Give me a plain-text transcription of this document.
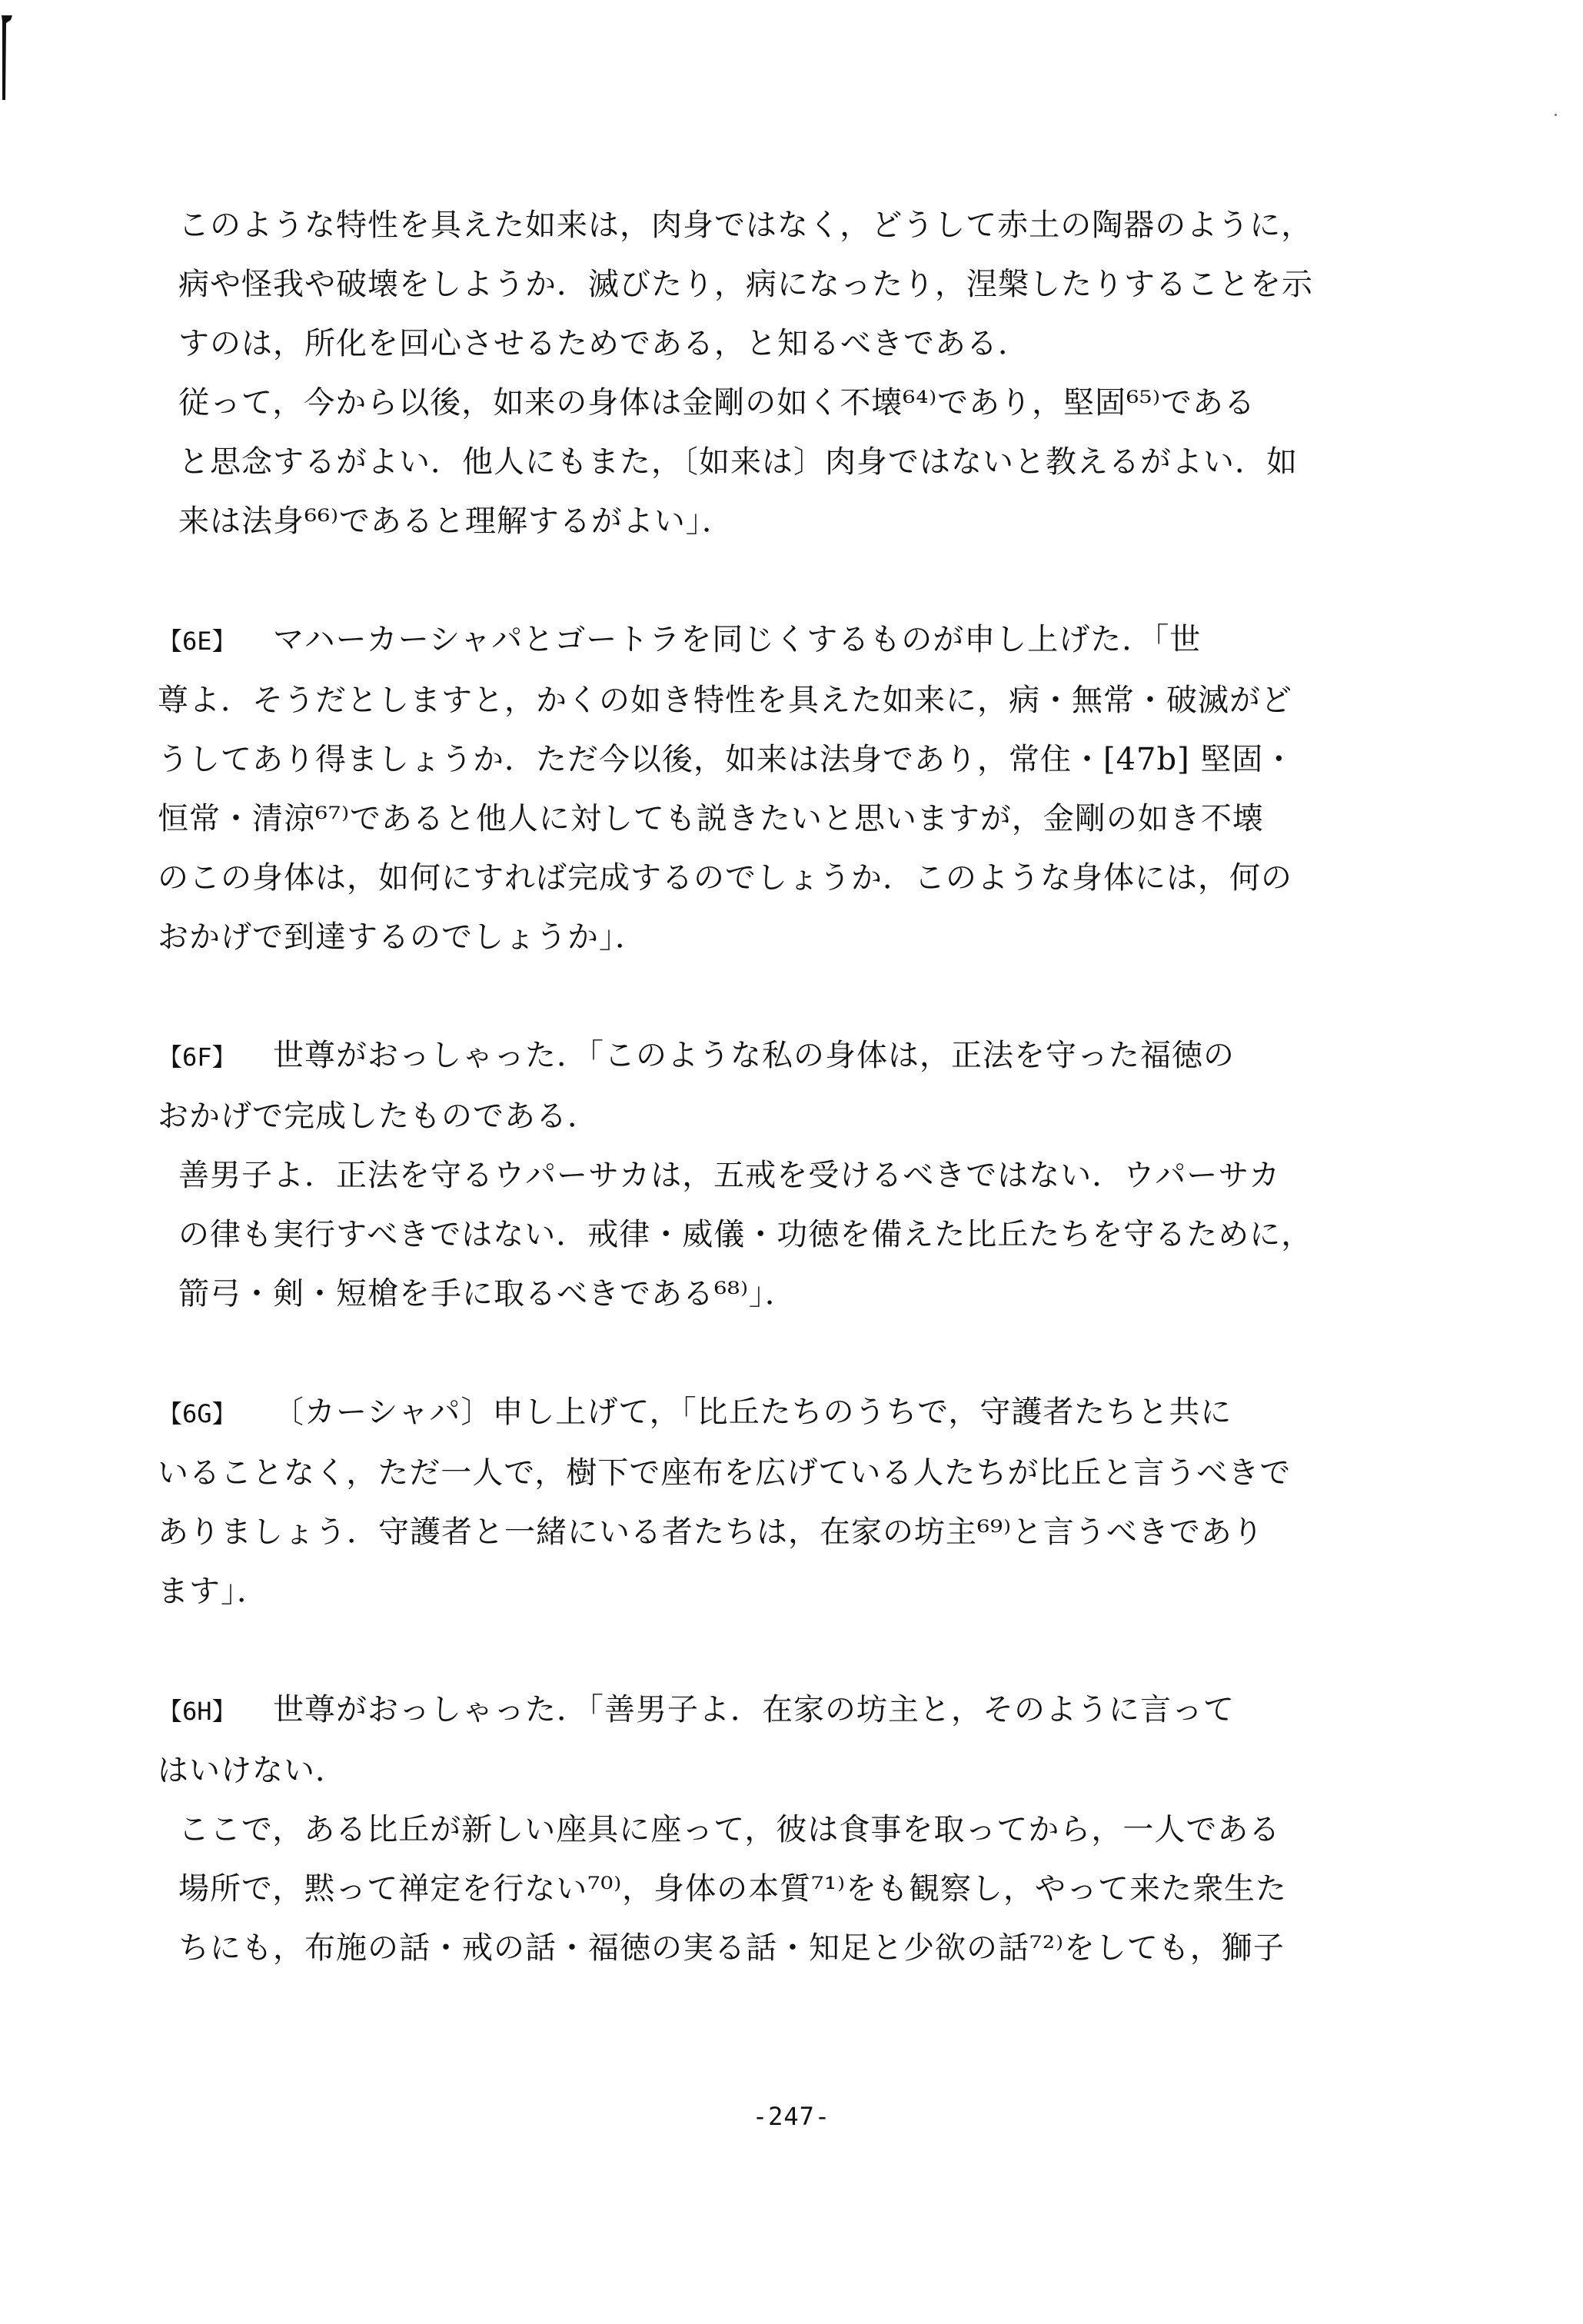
このような特性を具えた如来は，肉身ではなく，どうして赤土の陶器のように，
病や怪我や破壊をしようか．滅びたり，病になったり，涅槃したりすることを示
すのは，所化を回心させるためである，と知るべきである．
従って，今から以後，如来の身体は金剛の如く不壊⁶⁴⁾であり，堅固⁶⁵⁾である
と思念するがよい．他人にもまた，〔如来は〕肉身ではないと教えるがよい．如
来は法身⁶⁶⁾であると理解するがよい」．
【6E】 マハーカーシャパとゴートラを同じくするものが申し上げた．「世
尊よ．そうだとしますと，かくの如き特性を具えた如来に，病・無常・破滅がど
うしてあり得ましょうか．ただ今以後，如来は法身であり，常住・[47b] 堅固・
恒常・清涼⁶⁷⁾であると他人に対しても説きたいと思いますが，金剛の如き不壊
のこの身体は，如何にすれば完成するのでしょうか．このような身体には，何の
おかげで到達するのでしょうか」．
【6F】 世尊がおっしゃった．「このような私の身体は，正法を守った福徳の
おかげで完成したものである．
善男子よ．正法を守るウパーサカは，五戒を受けるべきではない．ウパーサカ
の律も実行すべきではない．戒律・威儀・功徳を備えた比丘たちを守るために，
箭弓・剣・短槍を手に取るべきである⁶⁸⁾」．
【6G】 〔カーシャパ〕申し上げて，「比丘たちのうちで，守護者たちと共に
いることなく，ただ一人で，樹下で座布を広げている人たちが比丘と言うべきで
ありましょう．守護者と一緒にいる者たちは，在家の坊主⁶⁹⁾と言うべきであり
ます」．
【6H】 世尊がおっしゃった．「善男子よ．在家の坊主と，そのように言って
はいけない．
ここで，ある比丘が新しい座具に座って，彼は食事を取ってから，一人である
場所で，黙って禅定を行ない⁷⁰⁾，身体の本質⁷¹⁾をも観察し，やって来た衆生た
ちにも，布施の話・戒の話・福徳の実る話・知足と少欲の話⁷²⁾をしても，獅子
-247-
